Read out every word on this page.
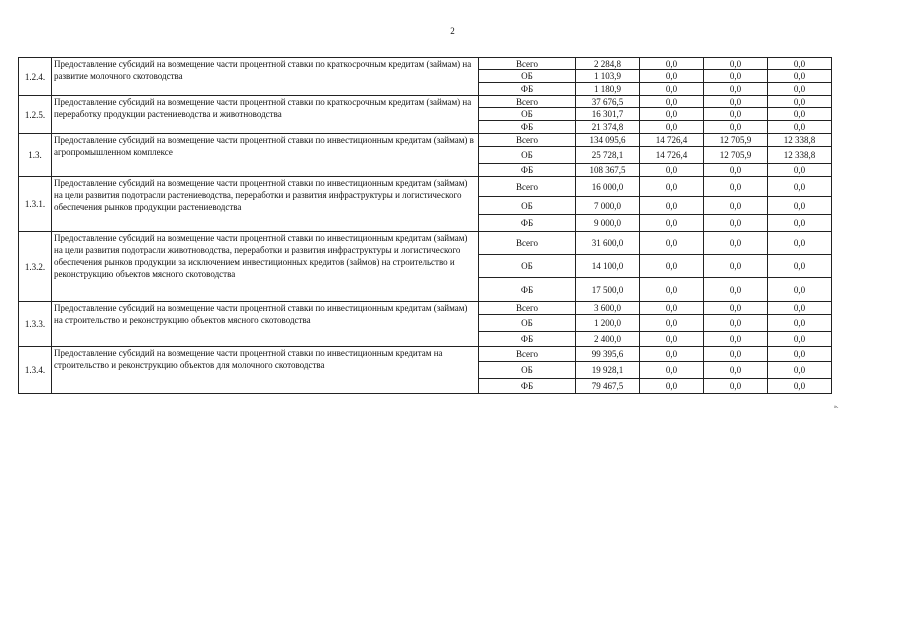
2
1.2.4.	Предоставление субсидий на возмещение части процентной ставки по краткосрочным кредитам (займам) на развитие молочного скотоводства	Всего	2 284,8	0,0	0,0	0,0
		ОБ	1 103,9	0,0	0,0	0,0
		ФБ	1 180,9	0,0	0,0	0,0
1.2.5.	Предоставление субсидий на возмещение части процентной ставки по краткосрочным кредитам (займам) на переработку продукции растениеводства и животноводства	Всего	37 676,5	0,0	0,0	0,0
		ОБ	16 301,7	0,0	0,0	0,0
		ФБ	21 374,8	0,0	0,0	0,0
1.3.	Предоставление субсидий на возмещение части процентной ставки по инвестиционным кредитам (займам) в агропромышленном комплексе	Всего	134 095,6	14 726,4	12 705,9	12 338,8
		ОБ	25 728,1	14 726,4	12 705,9	12 338,8
		ФБ	108 367,5	0,0	0,0	0,0
1.3.1.	Предоставление субсидий на возмещение части процентной ставки по инвестиционным кредитам (займам) на цели развития подотрасли растениеводства, переработки и развития инфраструктуры и логистического обеспечения рынков продукции растениеводства	Всего	16 000,0	0,0	0,0	0,0
		ОБ	7 000,0	0,0	0,0	0,0
		ФБ	9 000,0	0,0	0,0	0,0
1.3.2.	Предоставление субсидий на возмещение части процентной ставки по инвестиционным кредитам (займам) на цели развития подотрасли животноводства, переработки и развития инфраструктуры и логистического обеспечения рынков продукции за исключением инвестиционных кредитов (займов) на строительство и реконструкцию объектов мясного скотоводства	Всего	31 600,0	0,0	0,0	0,0
		ОБ	14 100,0	0,0	0,0	0,0
		ФБ	17 500,0	0,0	0,0	0,0
1.3.3.	Предоставление субсидий на возмещение части процентной ставки по инвестиционным кредитам (займам) на строительство и реконструкцию объектов мясного скотоводства	Всего	3 600,0	0,0	0,0	0,0
		ОБ	1 200,0	0,0	0,0	0,0
		ФБ	2 400,0	0,0	0,0	0,0
1.3.4.	Предоставление субсидий на возмещение части процентной ставки по инвестиционным кредитам на строительство и реконструкцию объектов для молочного скотоводства	Всего	99 395,6	0,0	0,0	0,0
		ОБ	19 928,1	0,0	0,0	0,0
		ФБ	79 467,5	0,0	0,0	0,0
».
